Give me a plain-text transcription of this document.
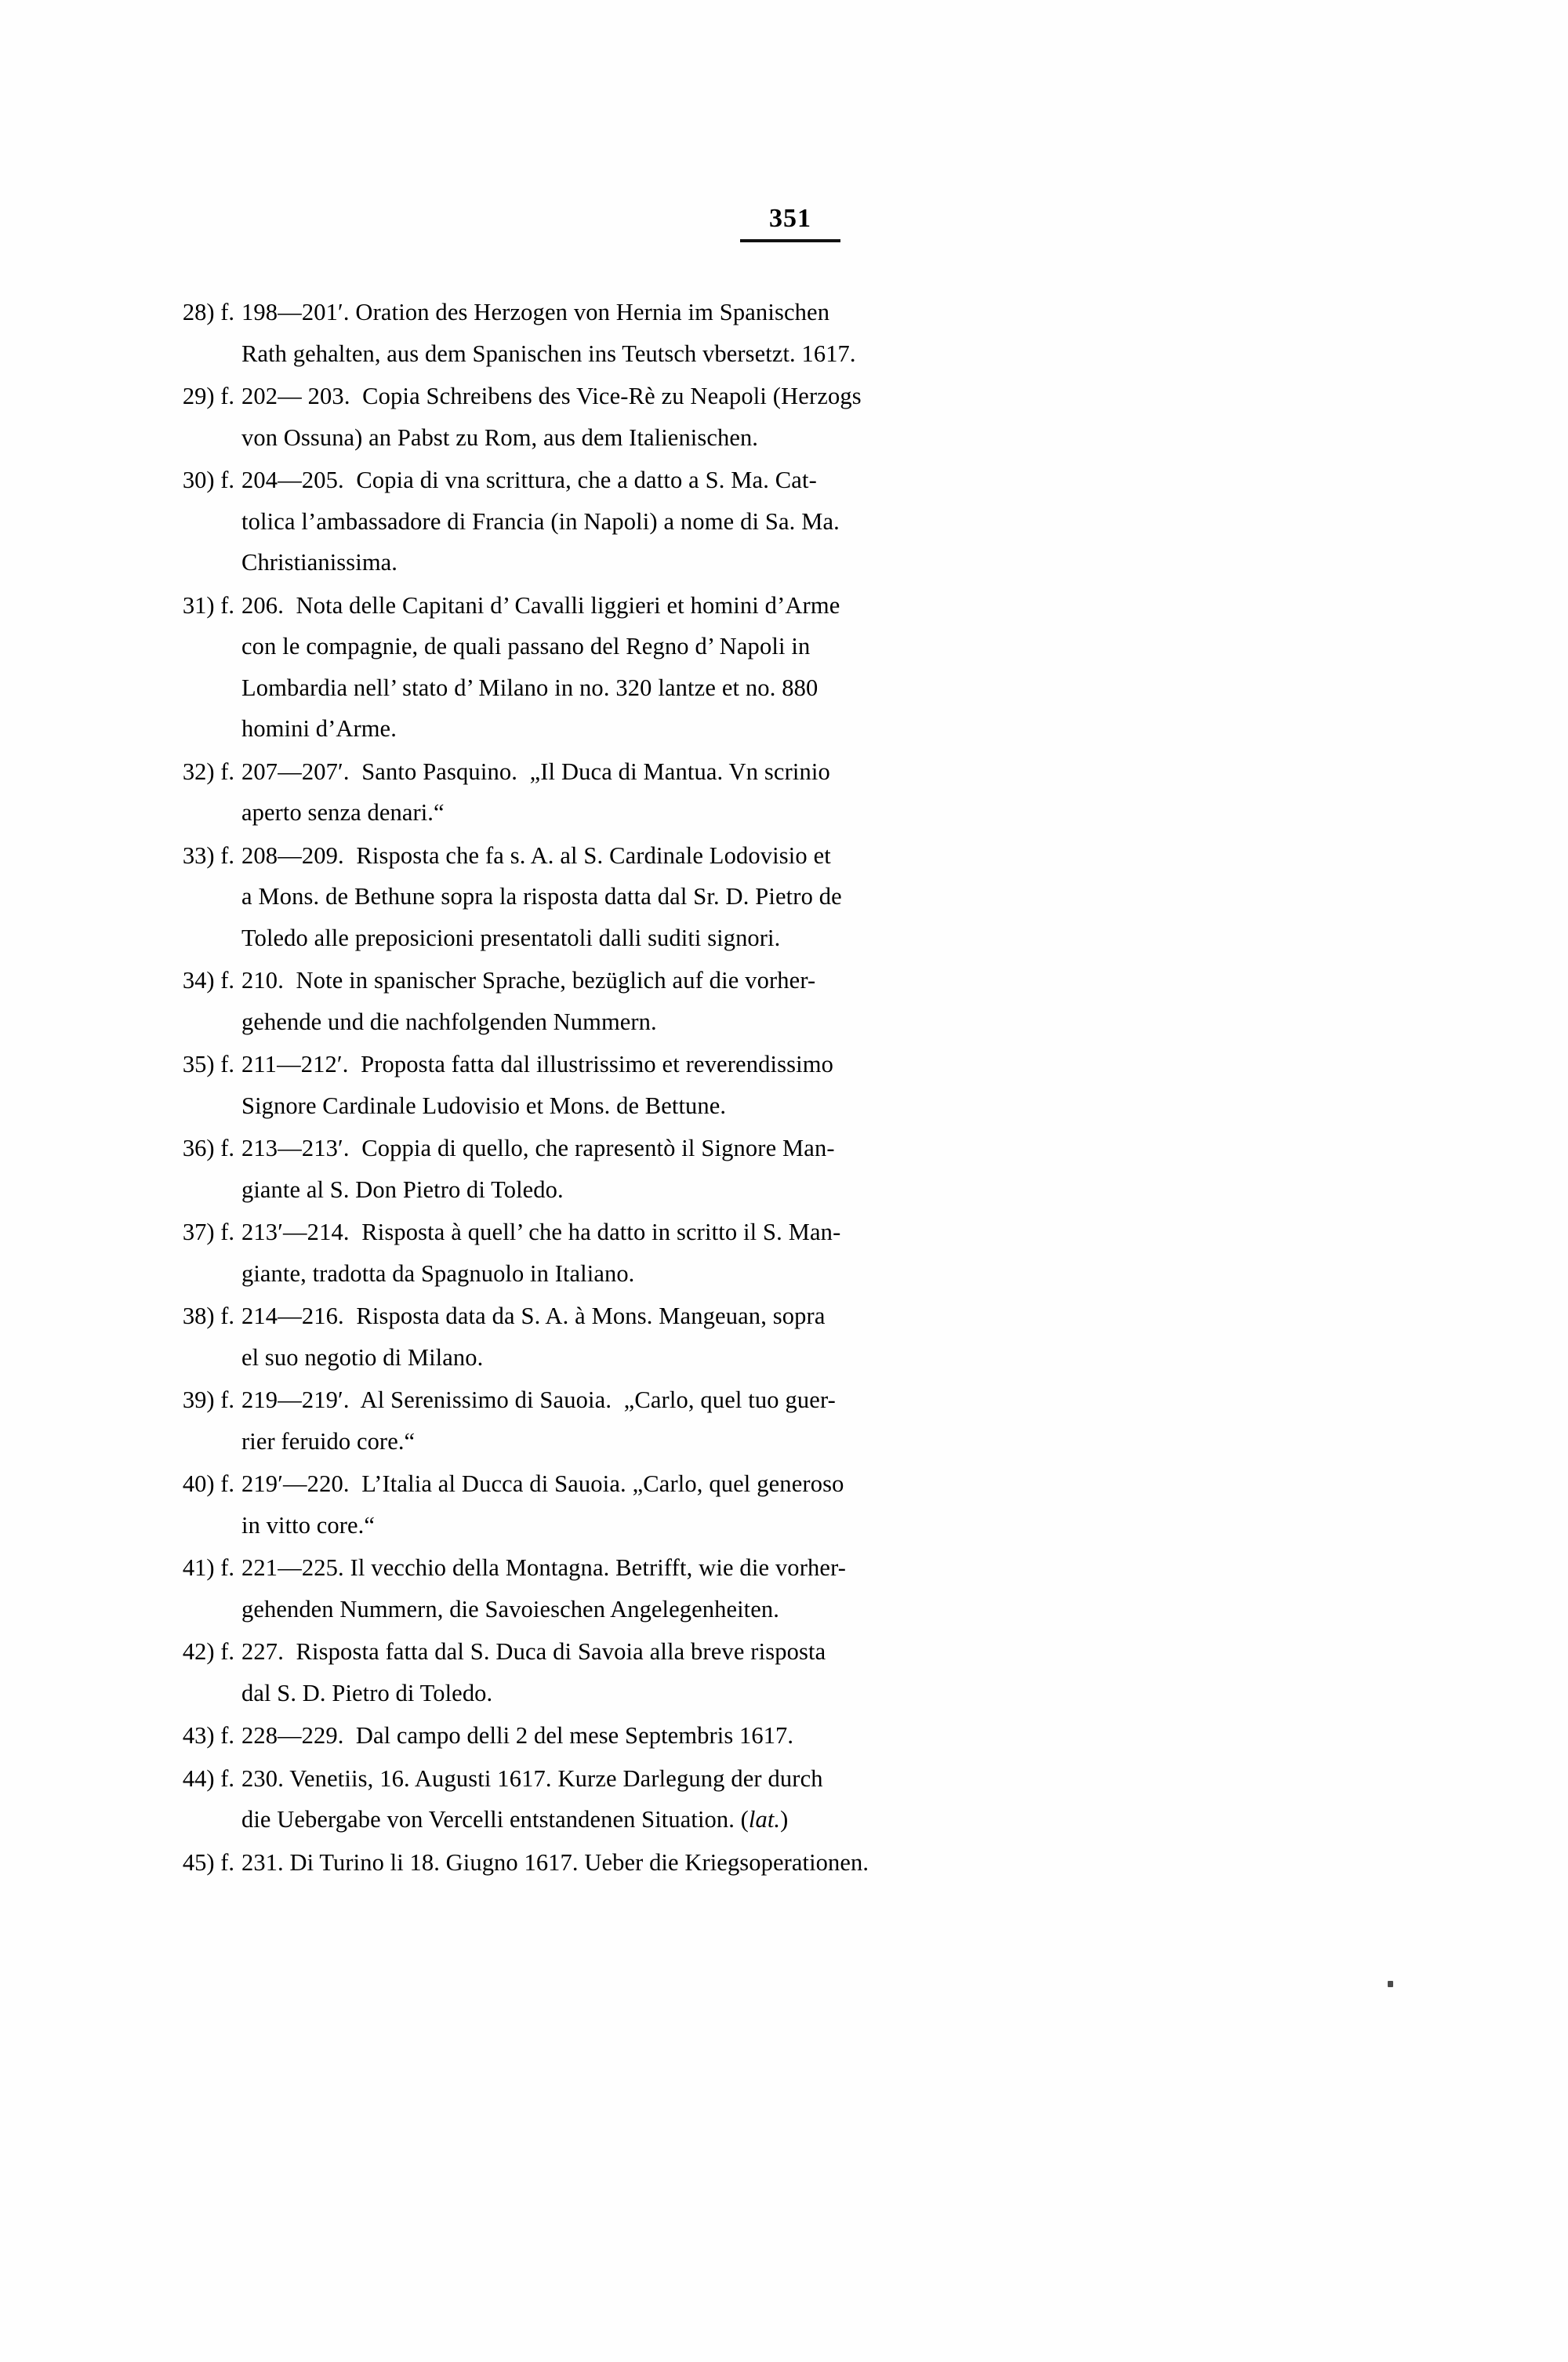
351
28) f. 198—201′. Oration des Herzogen von Hernia im Spanischen
Rath gehalten, aus dem Spanischen ins Teutsch vbersetzt. 1617.
29) f. 202— 203.  Copia Schreibens des Vice-Rè zu Neapoli (Herzogs
von Ossuna) an Pabst zu Rom, aus dem Italienischen.
30) f. 204—205.  Copia di vna scrittura, che a datto a S. Ma. Cat-
tolica l’ambassadore di Francia (in Napoli) a nome di Sa. Ma.
Christianissima.
31) f. 206.  Nota delle Capitani d’ Cavalli liggieri et homini d’Arme
con le compagnie, de quali passano del Regno d’ Napoli in
Lombardia nell’ stato d’ Milano in no. 320 lantze et no. 880
homini d’Arme.
32) f. 207—207′.  Santo Pasquino.  „Il Duca di Mantua. Vn scrinio
aperto senza denari.“
33) f. 208—209.  Risposta che fa s. A. al S. Cardinale Lodovisio et
a Mons. de Bethune sopra la risposta datta dal Sr. D. Pietro de
Toledo alle preposicioni presentatoli dalli suditi signori.
34) f. 210.  Note in spanischer Sprache, bezüglich auf die vorher-
gehende und die nachfolgenden Nummern.
35) f. 211—212′.  Proposta fatta dal illustrissimo et reverendissimo
Signore Cardinale Ludovisio et Mons. de Bettune.
36) f. 213—213′.  Coppia di quello, che rapresentò il Signore Man-
giante al S. Don Pietro di Toledo.
37) f. 213′—214.  Risposta à quell’ che ha datto in scritto il S. Man-
giante, tradotta da Spagnuolo in Italiano.
38) f. 214—216.  Risposta data da S. A. à Mons. Mangeuan, sopra
el suo negotio di Milano.
39) f. 219—219′.  Al Serenissimo di Sauoia.  „Carlo, quel tuo guer-
rier feruido core.“
40) f. 219′—220.  L’Italia al Ducca di Sauoia. „Carlo, quel generoso
in vitto core.“
41) f. 221—225. Il vecchio della Montagna. Betrifft, wie die vorher-
gehenden Nummern, die Savoieschen Angelegenheiten.
42) f. 227.  Risposta fatta dal S. Duca di Savoia alla breve risposta
dal S. D. Pietro di Toledo.
43) f. 228—229.  Dal campo delli 2 del mese Septembris 1617.
44) f. 230. Venetiis, 16. Augusti 1617. Kurze Darlegung der durch
die Uebergabe von Vercelli entstandenen Situation. (lat.)
45) f. 231. Di Turino li 18. Giugno 1617. Ueber die Kriegsoperationen.
